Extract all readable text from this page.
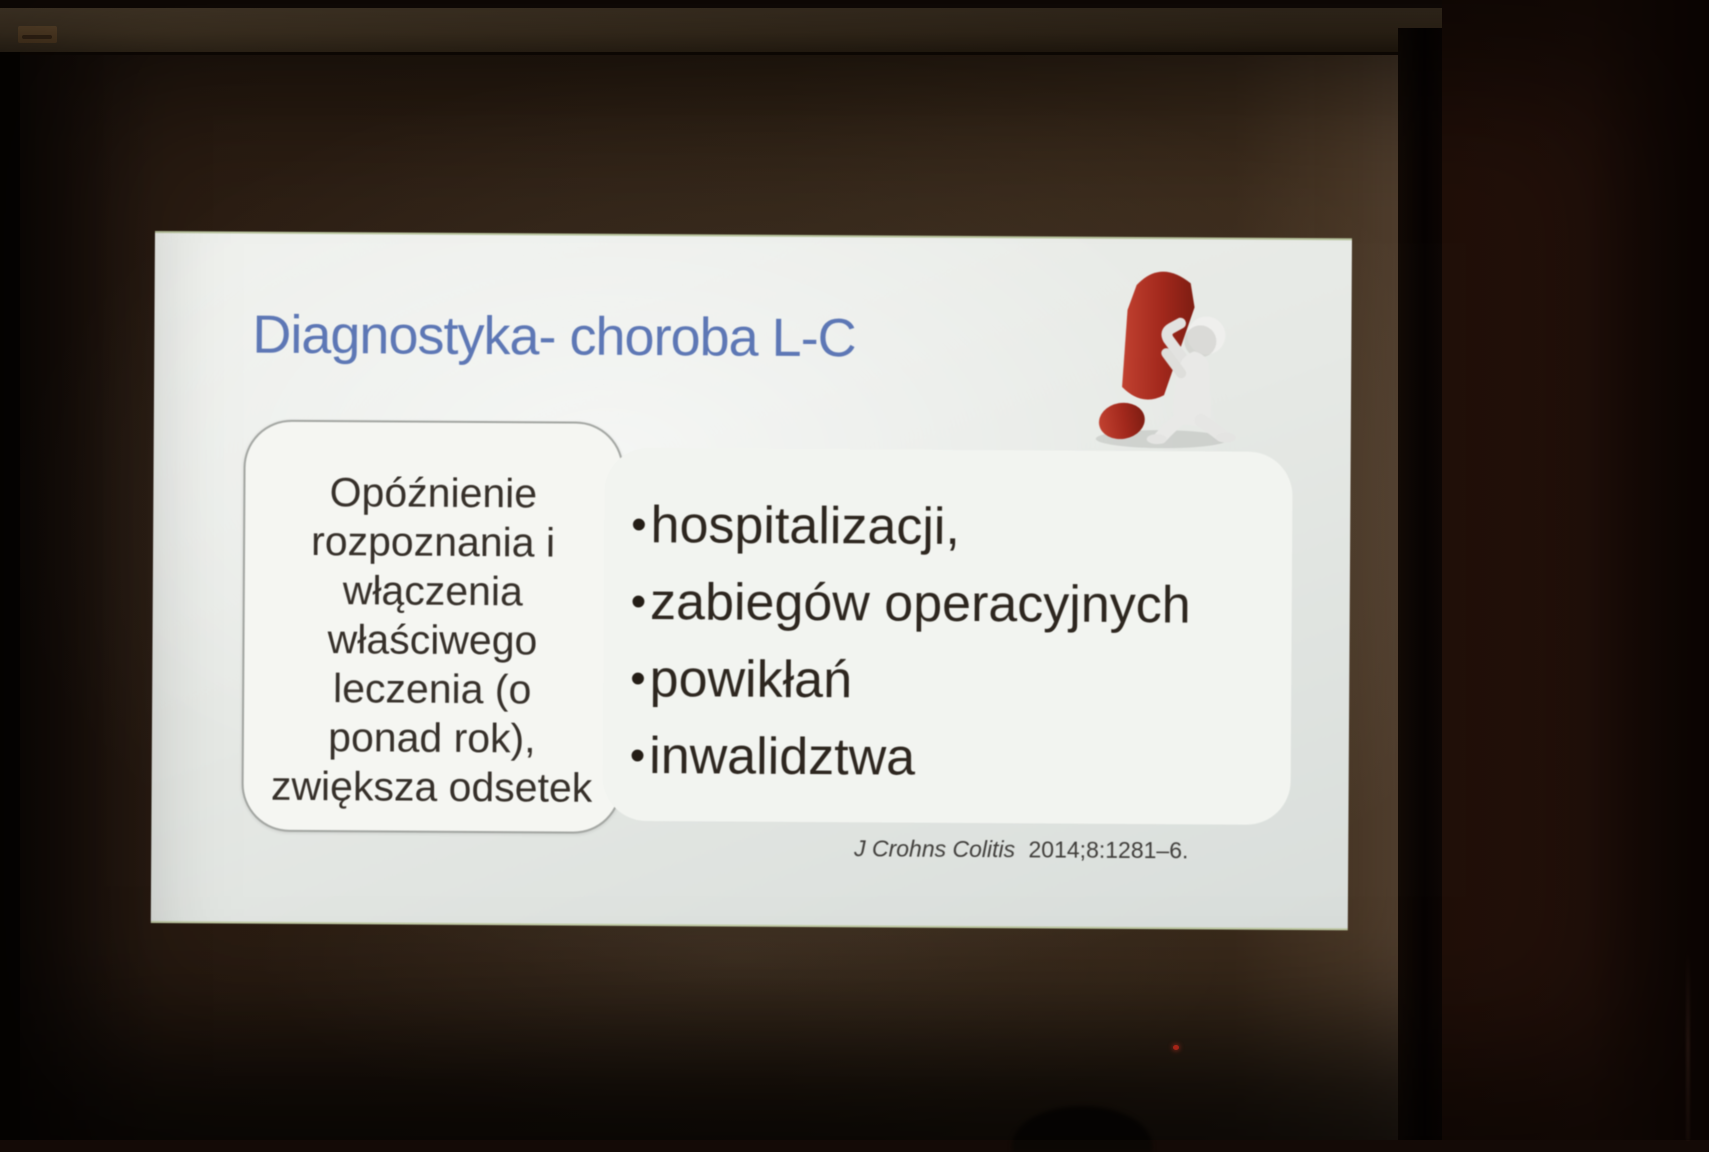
Diagnostyka- choroba L-C
Opóźnienie
rozpoznania i
włączenia
właściwego
leczenia (o
ponad rok),
zwiększa odsetek
• hospitalizacji,
• zabiegów operacyjnych
• powikłań
• inwalidztwa
J Crohns Colitis 2014;8:1281–6.
